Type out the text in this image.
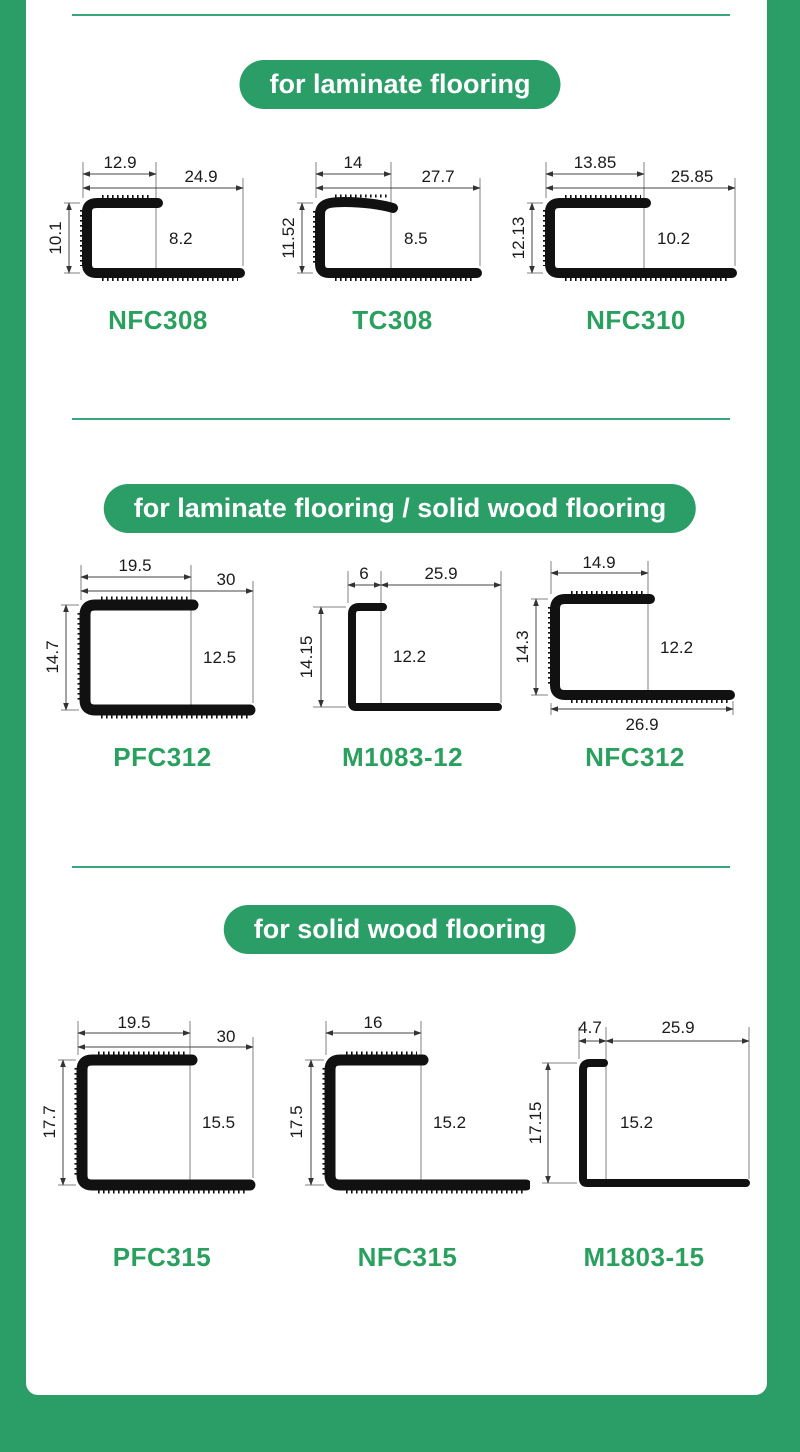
for laminate flooring
12.9
24.9
10.1	8.2
14
27.7
11.52	8.5
13.85
25.85
12.13	10.2
NFC308	TC308	NFC310
for laminate flooring / solid wood flooring
19.5
30
14.7	12.5
6	25.9
14.15	12.2
14.9
14.3	12.2
26.9
PFC312	M1083-12	NFC312
for solid wood flooring
19.5
30
17.7	15.5
16
17.5	15.2
4.7	25.9
17.15	15.2
PFC315	NFC315	M1803-15
